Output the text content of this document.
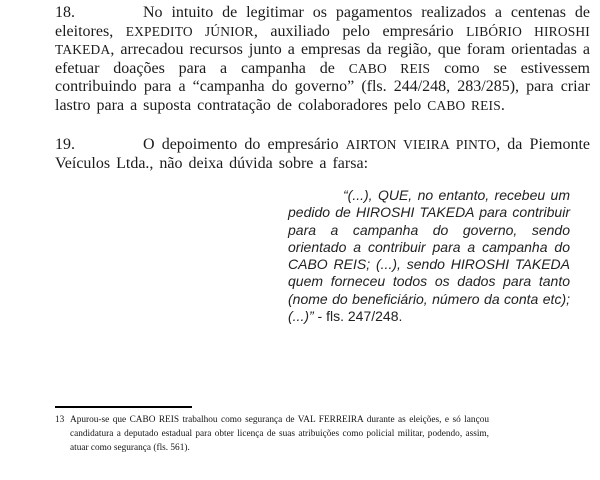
18.	No intuito de legitimar os pagamentos realizados a centenas de eleitores, EXPEDITO JÚNIOR, auxiliado pelo empresário LIBÓRIO HIROSHI TAKEDA, arrecadou recursos junto a empresas da região, que foram orientadas a efetuar doações para a campanha de CABO REIS como se estivessem contribuindo para a “campanha do governo” (fls. 244/248, 283/285), para criar lastro para a suposta contratação de colaboradores pelo CABO REIS.

19.	O depoimento do empresário AIRTON VIEIRA PINTO, da Piemonte Veículos Ltda., não deixa dúvida sobre a farsa:

“(...), QUE, no entanto, recebeu um pedido de HIROSHI TAKEDA para contribuir para a campanha do governo, sendo orientado a contribuir para a campanha do CABO REIS; (...), sendo HIROSHI TAKEDA quem forneceu todos os dados para tanto (nome do beneficiário, número da conta etc); (...)” - fls. 247/248.

13 Apurou-se que CABO REIS trabalhou como segurança de VAL FERREIRA durante as eleições, e só lançou candidatura a deputado estadual para obter licença de suas atribuições como policial militar, podendo, assim, atuar como segurança (fls. 561).
